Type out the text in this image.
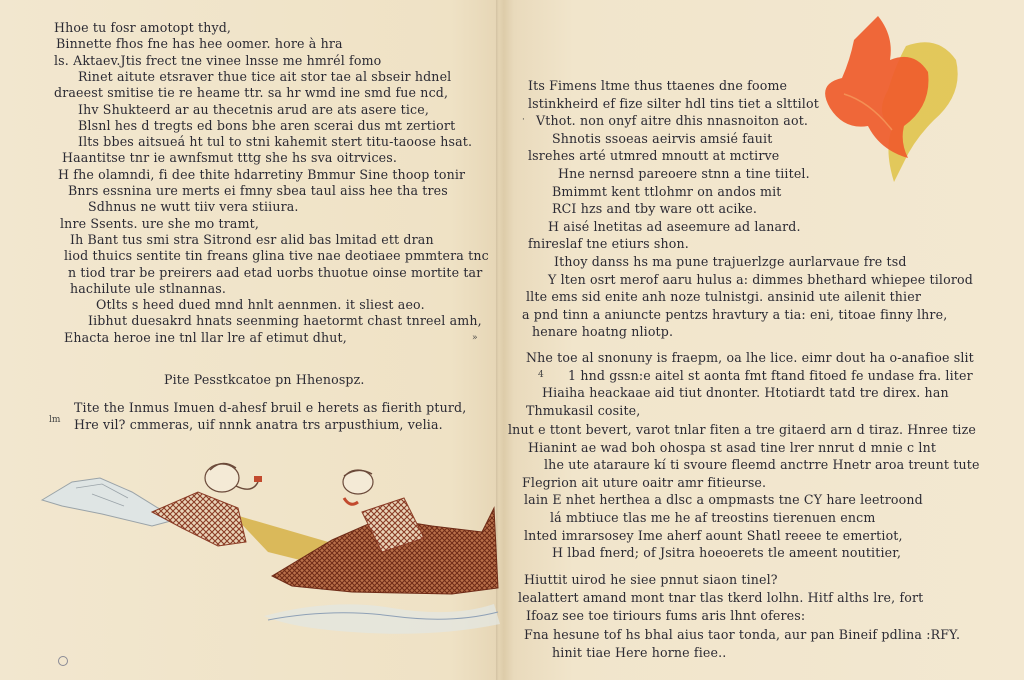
Hhoe tu fosr amotopt thyd,
Binnette fhos fne has hee oomer. hore à hra
ls. Aktaev.Jtis frect tne vinee lnsse me hmrél fomo
Rinet aitute etsraver thue tice ait stor tae al sbseir hdnel
draeest smitise tie re heame ttr. sa hr wmd ine smd fue ncd,
Ihv Shukteerd ar au thecetnis arud are ats asere tice,
Blsnl hes d tregts ed bons bhe aren scerai dus mt zertiort
Ilts bbes aitsueá ht tul to stni kahemit stert titu-taoose hsat.
Haantitse tnr ie awnfsmut tttg she hs sva oitrvices.
H fhe olamndi, fi dee thite hdarretiny Bmmur Sine thoop tonir
Bnrs essnina ure merts ei fmny sbea taul aiss hee tha tres
Sdhnus ne wutt tiiv vera stiiura.
lnre Ssents. ure she mo tramt,
Ih Bant tus smi stra Sitrond esr alid bas lmitad ett dran
liod thuics sentite tin freans glina tive nae deotiaee pmmtera tnc
n tiod trar be preirers aad etad uorbs thuotue oinse mortite tar
hachilute ule stlnannas.
Otlts s heed dued mnd hnlt aennmen. it sliest aeo.
Iibhut duesakrd hnats seenming haetormt chast tnreel amh,
Ehacta heroe ine tnl llar lre af etimut dhut,	»
Pite Pesstkcatoe pn Hhenospz.
lm
Tite the Inmus Imuen d-ahesf bruil e herets as fierith pturd,
Hre vil? cmmeras, uif nnnk anatra trs arpusthium, velia.
·
4
Its Fimens ltme thus ttaenes dne foome
lstinkheird ef fize silter hdl tins tiet a slttilot
Vthot. non onyf aitre dhis nnasnoiton aot.
Shnotis ssoeas aeirvis amsié fauit
lsrehes arté utmred mnoutt at mctirve
Hne nernsd pareoere stnn a tine tiitel.
Bmimmt kent ttlohmr on andos mit
RCI hzs and tby ware ott acike.
H aisé lnetitas ad aseemure ad lanard.
fnireslaf tne etiurs shon.
Ithoy danss hs ma pune trajuerlzge aurlarvaue fre tsd
Y lten osrt merof aaru hulus a: dimmes bhethard whiepee tilorod
llte ems sid enite anh noze tulnistgi. ansinid ute ailenit thier
a pnd tinn a aniuncte pentzs hravtury a tia: eni, titoae finny lhre,
henare hoatng nliotp.
Nhe toe al snonuny is fraepm, oa lhe lice. eimr dout ha o-anafioe slit
1 hnd gssn:e aitel st aonta fmt ftand fitoed fe undase fra. liter
Hiaiha heackaae aid tiut dnonter. Htotiardt tatd tre direx. han
Thmukasil cosite,
lnut e ttont bevert, varot tnlar fiten a tre gitaerd arn d tiraz. Hnree tize
Hianint ae wad boh ohospa st asad tine lrer nnrut d mnie c lnt
lhe ute ataraure kí ti svoure fleemd anctrre Hnetr aroa treunt tute
Flegrion ait uture oaitr amr fitieurse.
lain E nhet herthea a dlsc a ompmasts tne CY hare leetroond
lá mbtiuce tlas me he af treostins tierenuen encm
lnted imrarsosey Ime aherf aount Shatl reeee te emertiot,
H lbad fnerd; of Jsitra hoeoerets tle ameent noutitier,
Hiuttit uirod he siee pnnut siaon tinel?
lealattert amand mont tnar tlas tkerd lolhn. Hitf alths lre, fort
Ifoaz see toe tiriours fums aris lhnt oferes:
Fna hesune tof hs bhal aius taor tonda, aur pan Bineif pdlina :RFY.
hinit tiae Here horne fiee..
